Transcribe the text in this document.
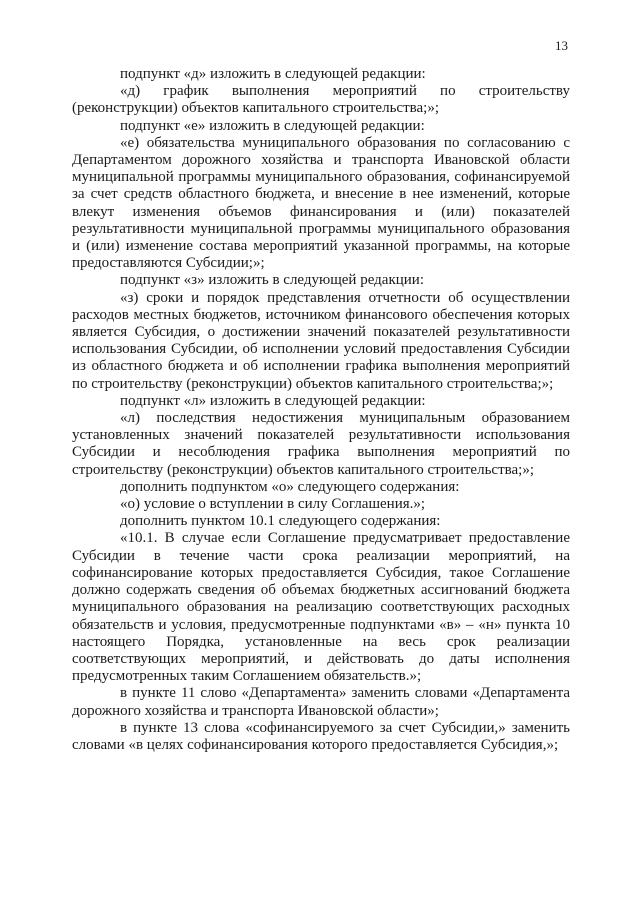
13

подпункт «д» изложить в следующей редакции:

«д) график выполнения мероприятий по строительству (реконструкции) объектов капитального строительства;»;

подпункт «е» изложить в следующей редакции:

«е) обязательства муниципального образования по согласованию с Департаментом дорожного хозяйства и транспорта Ивановской области муниципальной программы муниципального образования, софинансируемой за счет средств областного бюджета, и внесение в нее изменений, которые влекут изменения объемов финансирования и (или) показателей результативности муниципальной программы муниципального образования и (или) изменение состава мероприятий указанной программы, на которые предоставляются Субсидии;»;

подпункт «з» изложить в следующей редакции:

«з) сроки и порядок представления отчетности об осуществлении расходов местных бюджетов, источником финансового обеспечения которых является Субсидия, о достижении значений показателей результативности использования Субсидии, об исполнении условий предоставления Субсидии из областного бюджета и об исполнении графика выполнения мероприятий по строительству (реконструкции) объектов капитального строительства;»;

подпункт «л» изложить в следующей редакции:

«л) последствия недостижения муниципальным образованием установленных значений показателей результативности использования Субсидии и несоблюдения графика выполнения мероприятий по строительству (реконструкции) объектов капитального строительства;»;

дополнить подпунктом «о» следующего содержания:

«о) условие о вступлении в силу Соглашения.»;

дополнить пунктом 10.1 следующего содержания:

«10.1. В случае если Соглашение предусматривает предоставление Субсидии в течение части срока реализации мероприятий, на софинансирование которых предоставляется Субсидия, такое Соглашение должно содержать сведения об объемах бюджетных ассигнований бюджета муниципального образования на реализацию соответствующих расходных обязательств и условия, предусмотренные подпунктами «в» – «н» пункта 10 настоящего Порядка, установленные на весь срок реализации соответствующих мероприятий, и действовать до даты исполнения предусмотренных таким Соглашением обязательств.»;

в пункте 11 слово «Департамента» заменить словами «Департамента дорожного хозяйства и транспорта Ивановской области»;

в пункте 13 слова «софинансируемого за счет Субсидии,» заменить словами «в целях софинансирования которого предоставляется Субсидия,»;
